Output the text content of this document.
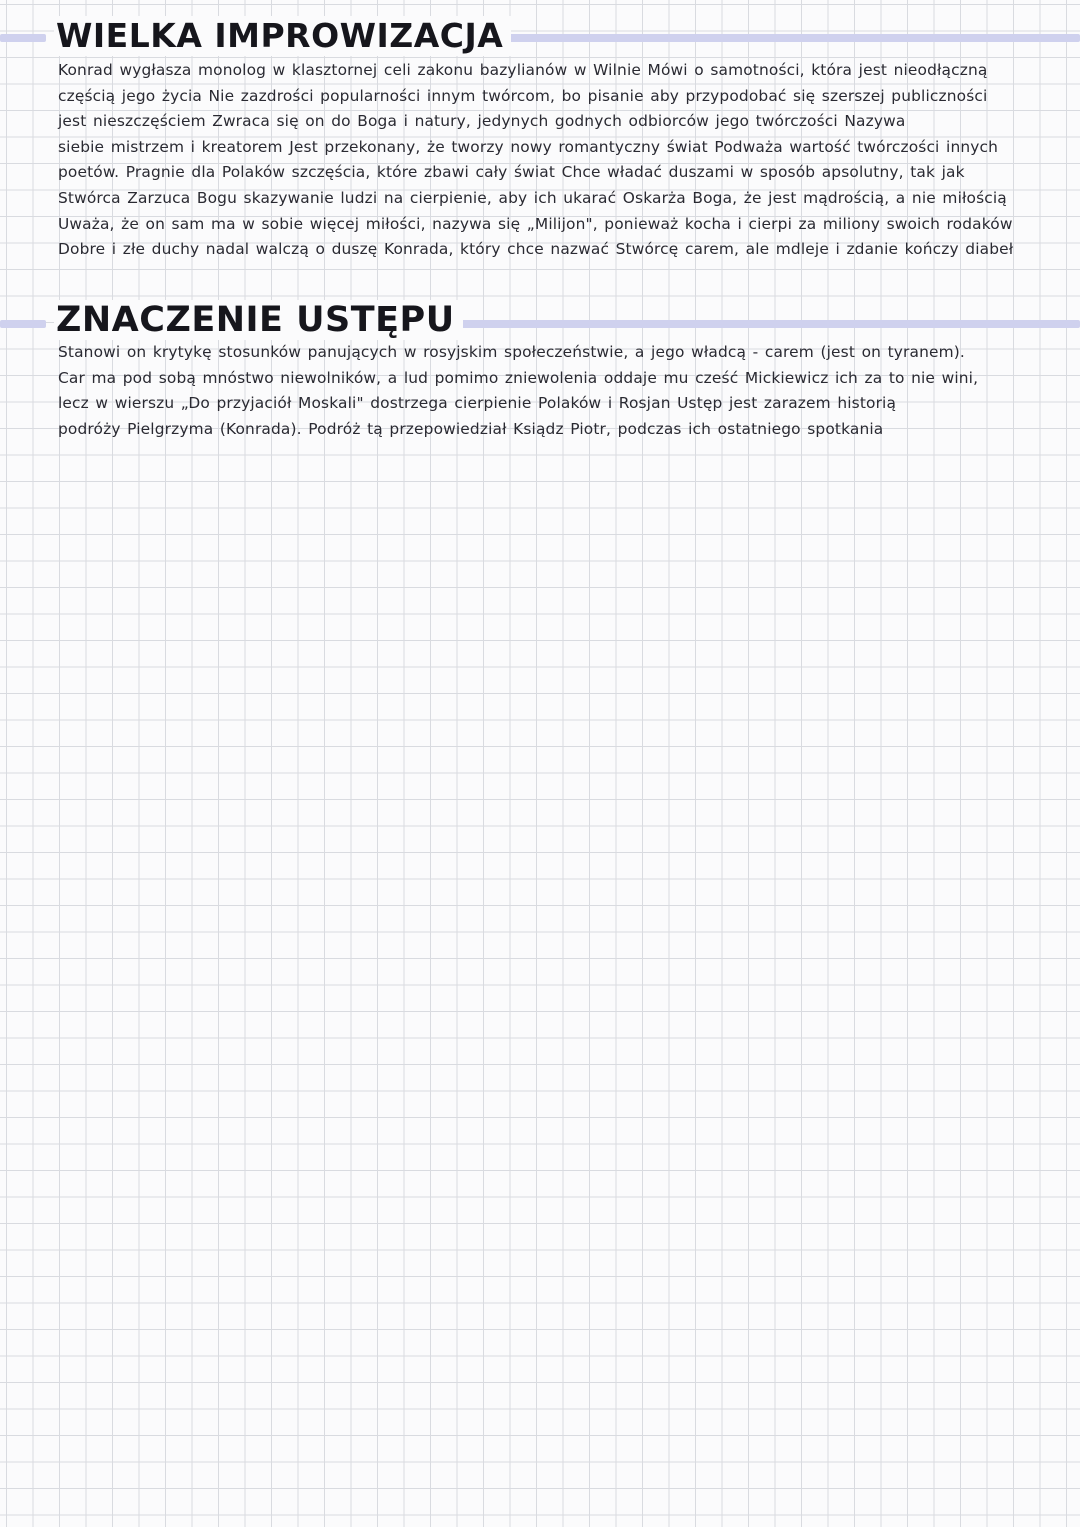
WIELKA IMPROWIZACJA
Konrad wygłasza monolog w klasztornej celi zakonu bazylianów w Wilnie Mówi o samotności, która jest nieodłączną
częścią jego życia Nie zazdrości popularności innym twórcom, bo pisanie aby przypodobać się szerszej publiczności
jest nieszczęściem Zwraca się on do Boga i natury, jedynych godnych odbiorców jego twórczości Nazywa
siebie mistrzem i kreatorem Jest przekonany, że tworzy nowy romantyczny świat Podważa wartość twórczości innych
poetów. Pragnie dla Polaków szczęścia, które zbawi cały świat Chce władać duszami w sposób apsolutny, tak jak
Stwórca Zarzuca Bogu skazywanie ludzi na cierpienie, aby ich ukarać Oskarża Boga, że jest mądrością, a nie miłością
Uważa, że on sam ma w sobie więcej miłości, nazywa się „Milijon", ponieważ kocha i cierpi za miliony swoich rodaków
Dobre i złe duchy nadal walczą o duszę Konrada, który chce nazwać Stwórcę carem, ale mdleje i zdanie kończy diabeł
ZNACZENIE USTĘPU
Stanowi on krytykę stosunków panujących w rosyjskim społeczeństwie, a jego władcą - carem (jest on tyranem).
Car ma pod sobą mnóstwo niewolników, a lud pomimo zniewolenia oddaje mu cześć Mickiewicz ich za to nie wini,
lecz w wierszu „Do przyjaciół Moskali" dostrzega cierpienie Polaków i Rosjan Ustęp jest zarazem historią
podróży Pielgrzyma (Konrada). Podróż tą przepowiedział Ksiądz Piotr, podczas ich ostatniego spotkania
